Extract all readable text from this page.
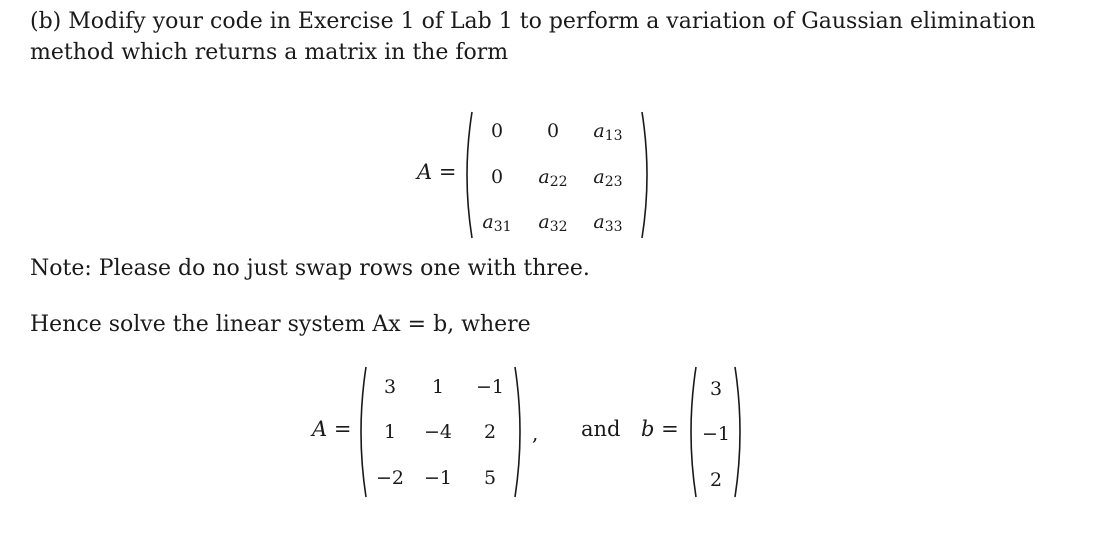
(b) Modify your code in Exercise 1 of Lab 1 to perform a variation of Gaussian elimination method which returns a matrix in the form

A =
0 0 $a_{13}$
0 $a_{22}$ $a_{23}$
$a_{31}$ $a_{32}$ $a_{33}$

Note: Please do no just swap rows one with three.

Hence solve the linear system Ax = b, where

A =
3 1 −1
1 −4 2
−2 −1 5
, and b =
3
−1
2
